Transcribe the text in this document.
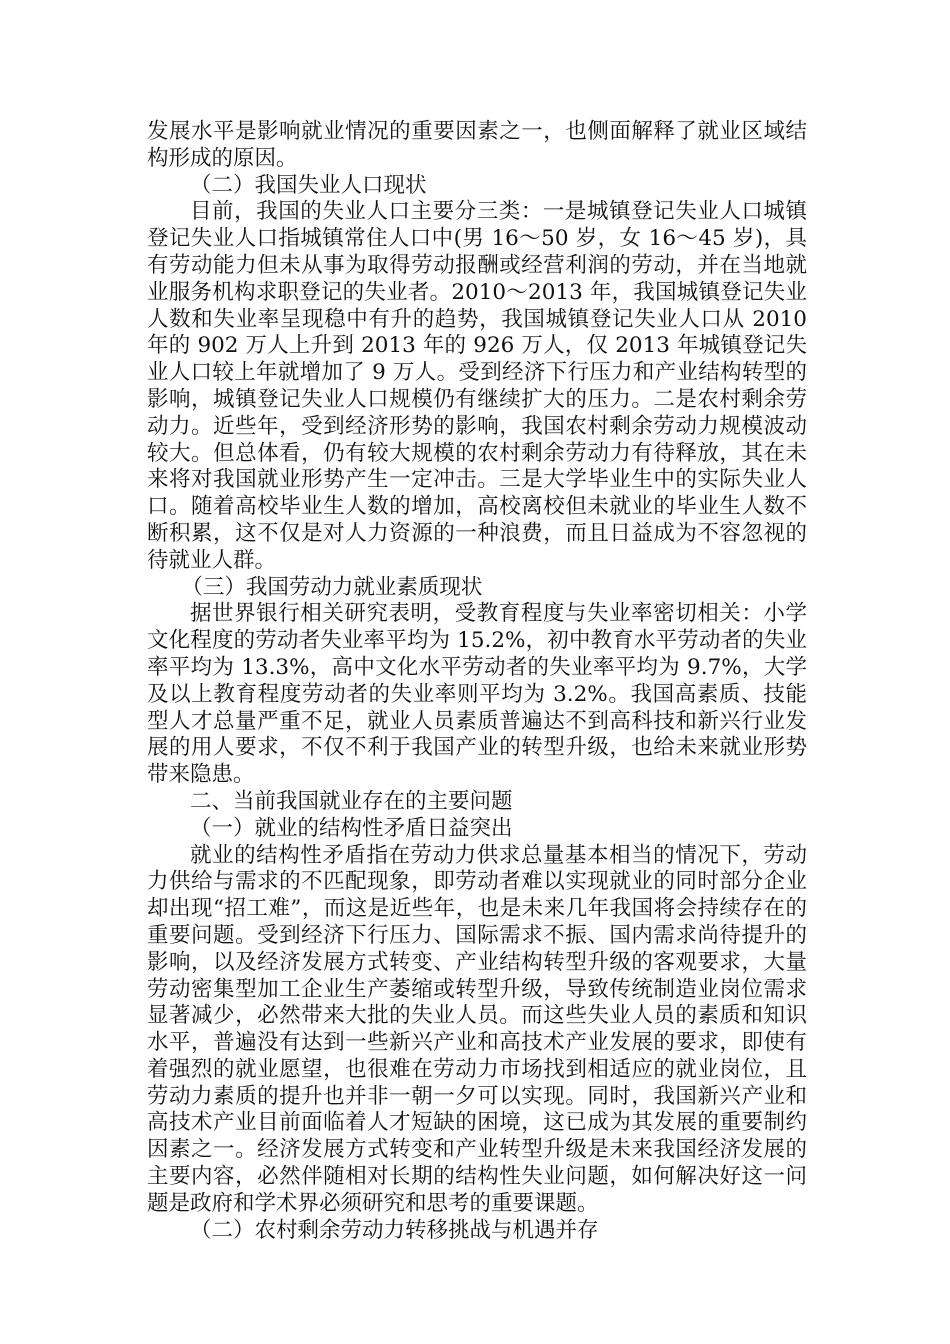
发展水平是影响就业情况的重要因素之一，也侧面解释了就业区域结构形成的原因。

（二）我国失业人口现状

目前，我国的失业人口主要分三类：一是城镇登记失业人口城镇登记失业人口指城镇常住人口中(男 16～50 岁，女 16～45 岁)，具有劳动能力但未从事为取得劳动报酬或经营利润的劳动，并在当地就业服务机构求职登记的失业者。2010～2013 年，我国城镇登记失业人数和失业率呈现稳中有升的趋势，我国城镇登记失业人口从 2010 年的 902 万人上升到 2013 年的 926 万人，仅 2013 年城镇登记失业人口较上年就增加了 9 万人。受到经济下行压力和产业结构转型的影响，城镇登记失业人口规模仍有继续扩大的压力。二是农村剩余劳动力。近些年，受到经济形势的影响，我国农村剩余劳动力规模波动较大。但总体看，仍有较大规模的农村剩余劳动力有待释放，其在未来将对我国就业形势产生一定冲击。三是大学毕业生中的实际失业人口。随着高校毕业生人数的增加，高校离校但未就业的毕业生人数不断积累，这不仅是对人力资源的一种浪费，而且日益成为不容忽视的待就业人群。

（三）我国劳动力就业素质现状

据世界银行相关研究表明，受教育程度与失业率密切相关：小学文化程度的劳动者失业率平均为 15.2%，初中教育水平劳动者的失业率平均为 13.3%，高中文化水平劳动者的失业率平均为 9.7%，大学及以上教育程度劳动者的失业率则平均为 3.2%。我国高素质、技能型人才总量严重不足，就业人员素质普遍达不到高科技和新兴行业发展的用人要求，不仅不利于我国产业的转型升级，也给未来就业形势带来隐患。

二、当前我国就业存在的主要问题

（一）就业的结构性矛盾日益突出

就业的结构性矛盾指在劳动力供求总量基本相当的情况下，劳动力供给与需求的不匹配现象，即劳动者难以实现就业的同时部分企业却出现“招工难”，而这是近些年，也是未来几年我国将会持续存在的重要问题。受到经济下行压力、国际需求不振、国内需求尚待提升的影响，以及经济发展方式转变、产业结构转型升级的客观要求，大量劳动密集型加工企业生产萎缩或转型升级，导致传统制造业岗位需求显著减少，必然带来大批的失业人员。而这些失业人员的素质和知识水平，普遍没有达到一些新兴产业和高技术产业发展的要求，即使有着强烈的就业愿望，也很难在劳动力市场找到相适应的就业岗位，且劳动力素质的提升也并非一朝一夕可以实现。同时，我国新兴产业和高技术产业目前面临着人才短缺的困境，这已成为其发展的重要制约因素之一。经济发展方式转变和产业转型升级是未来我国经济发展的主要内容，必然伴随相对长期的结构性失业问题，如何解决好这一问题是政府和学术界必须研究和思考的重要课题。

（二）农村剩余劳动力转移挑战与机遇并存
